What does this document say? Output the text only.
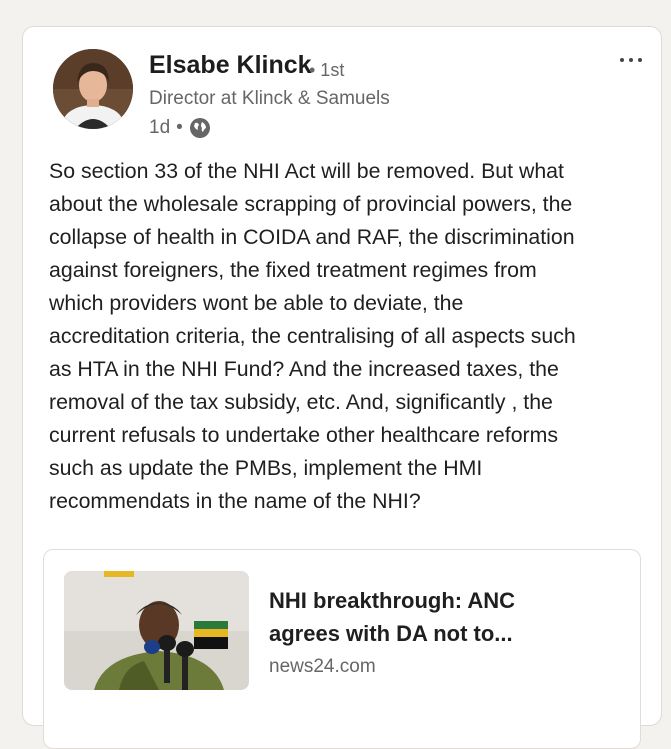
Elsabe Klinck
• 1st
Director at Klinck & Samuels
1d •
So section 33 of the NHI Act will be removed. But what
about the wholesale scrapping of provincial powers, the
collapse of health in COIDA and RAF, the discrimination
against foreigners, the fixed treatment regimes from
which providers wont be able to deviate, the
accreditation criteria, the centralising of all aspects such
as HTA in the NHI Fund? And the increased taxes, the
removal of the tax subsidy, etc. And, significantly , the
current refusals to undertake other healthcare reforms
such as update the PMBs, implement the HMI
recommendats in the name of the NHI?
NHI breakthrough: ANC
agrees with DA not to...
news24.com
